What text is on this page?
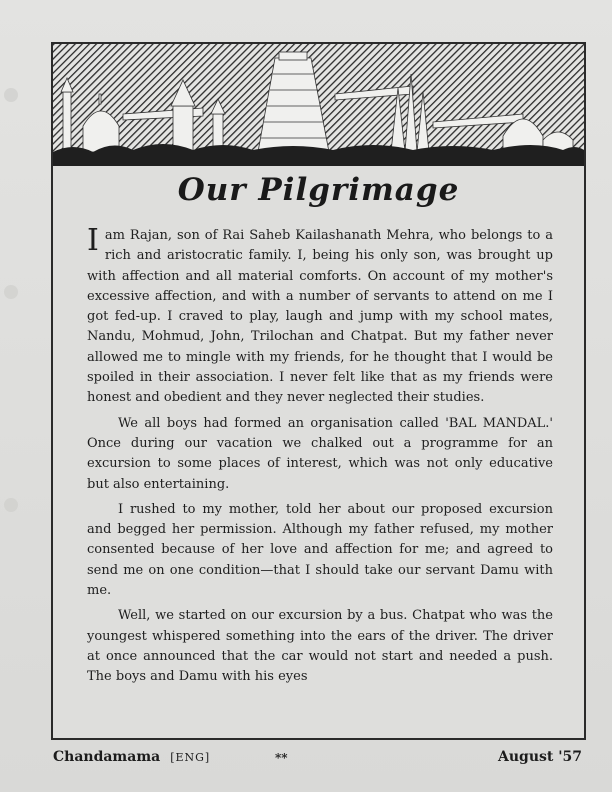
Our Pilgrimage

I am Rajan, son of Rai Saheb Kailashanath Mehra, who belongs to a rich and aristocratic family. I, being his only son, was brought up with affection and all material comforts. On account of my mother's excessive affection, and with a number of servants to attend on me I got fed-up. I craved to play, laugh and jump with my school mates, Nandu, Mohmud, John, Trilochan and Chatpat. But my father never allowed me to mingle with my friends, for he thought that I would be spoiled in their association. I never felt like that as my friends were honest and obedient and they never neglected their studies.

We all boys had formed an organisation called 'BAL MANDAL.' Once during our vacation we chalked out a programme for an excursion to some places of interest, which was not only educative but also entertaining.

I rushed to my mother, told her about our proposed excursion and begged her permission. Although my father refused, my mother consented because of her love and affection for me; and agreed to send me on one condition—that I should take our servant Damu with me.

Well, we started on our excursion by a bus. Chatpat who was the youngest whispered something into the ears of the driver. The driver at once announced that the car would not start and needed a push. The boys and Damu with his eyes

Chandamama [ENG]	**	August '57
